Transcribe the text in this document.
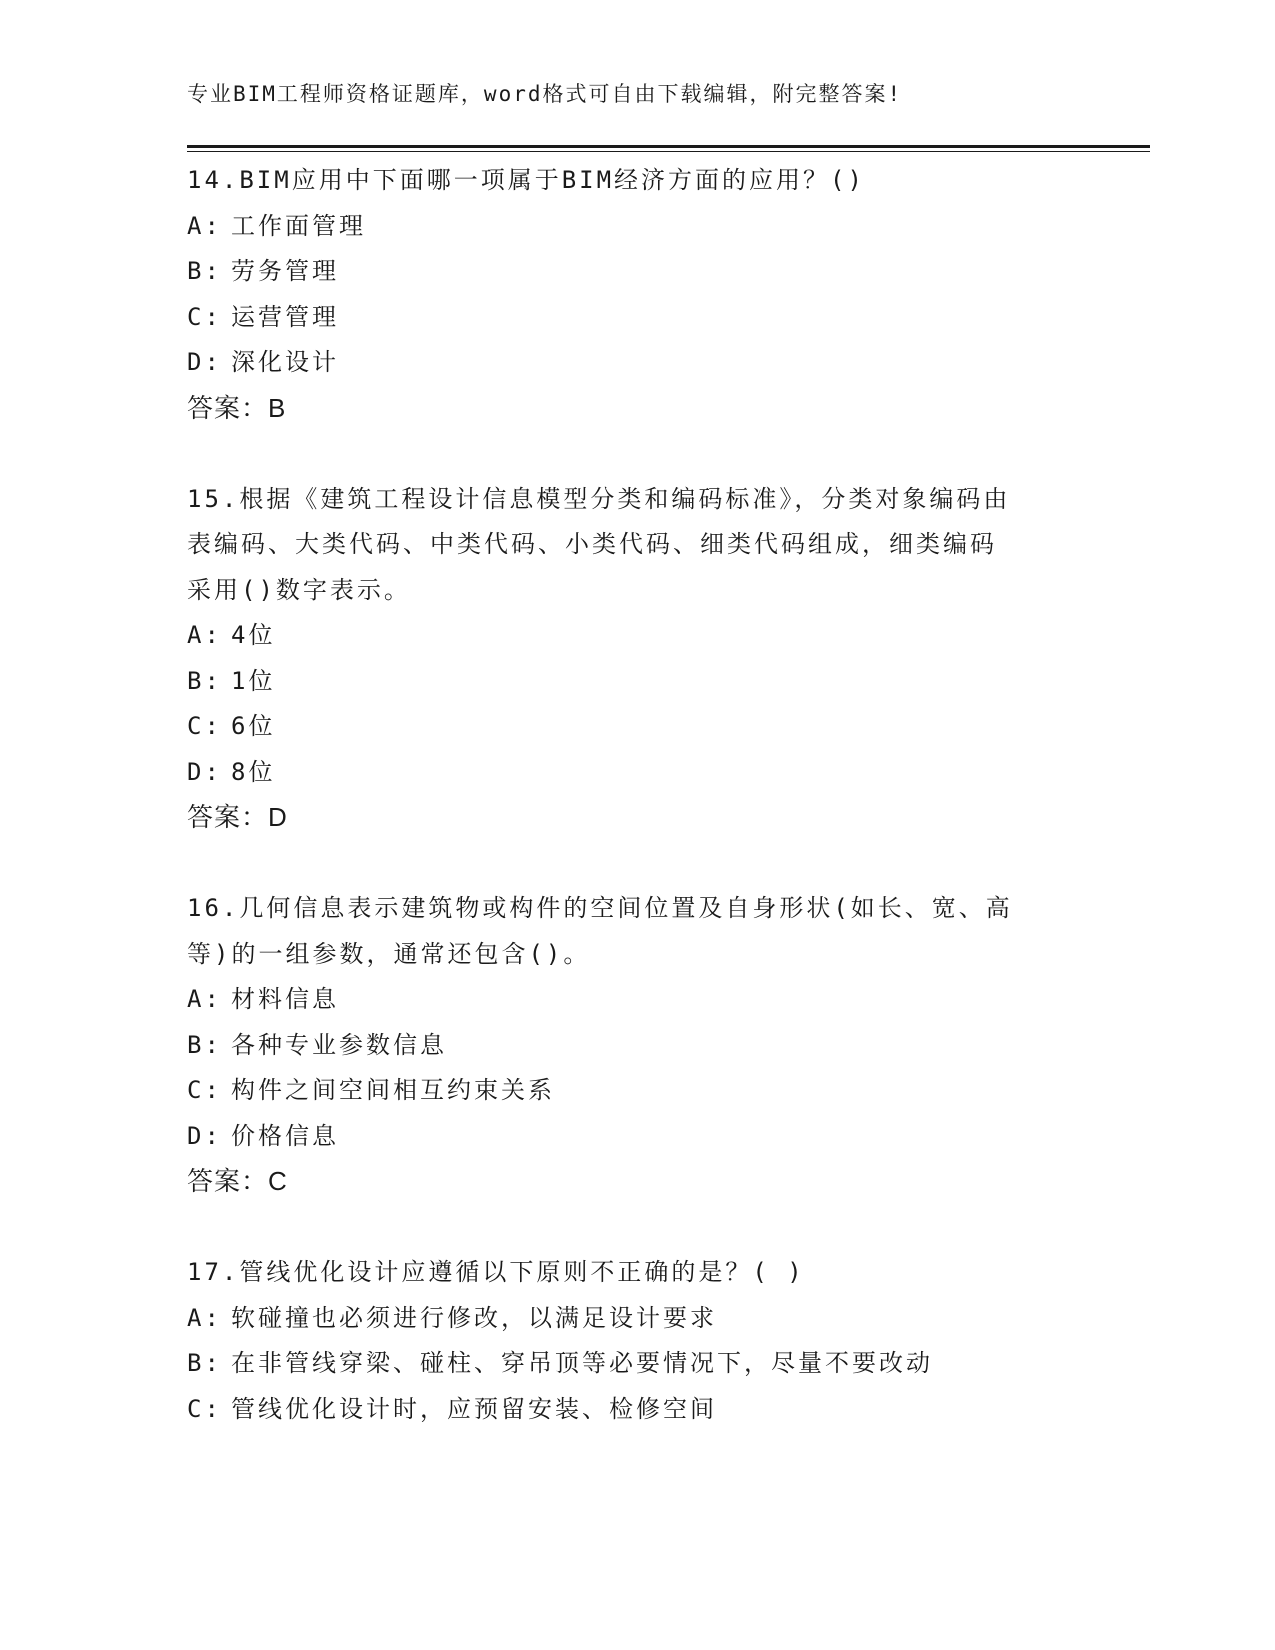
专业BIM工程师资格证题库，word格式可自由下载编辑，附完整答案!
14.BIM应用中下面哪一项属于BIM经济方面的应用？()
A: 工作面管理
B: 劳务管理
C: 运营管理
D: 深化设计
答案：B
15.根据《建筑工程设计信息模型分类和编码标准》，分类对象编码由
表编码、大类代码、中类代码、小类代码、细类代码组成，细类编码
采用()数字表示。
A: 4位
B: 1位
C: 6位
D: 8位
答案：D
16.几何信息表示建筑物或构件的空间位置及自身形状(如长、宽、高
等)的一组参数，通常还包含()。
A: 材料信息
B: 各种专业参数信息
C: 构件之间空间相互约束关系
D: 价格信息
答案：C
17.管线优化设计应遵循以下原则不正确的是？( )
A: 软碰撞也必须进行修改，以满足设计要求
B: 在非管线穿梁、碰柱、穿吊顶等必要情况下，尽量不要改动
C: 管线优化设计时，应预留安装、检修空间
